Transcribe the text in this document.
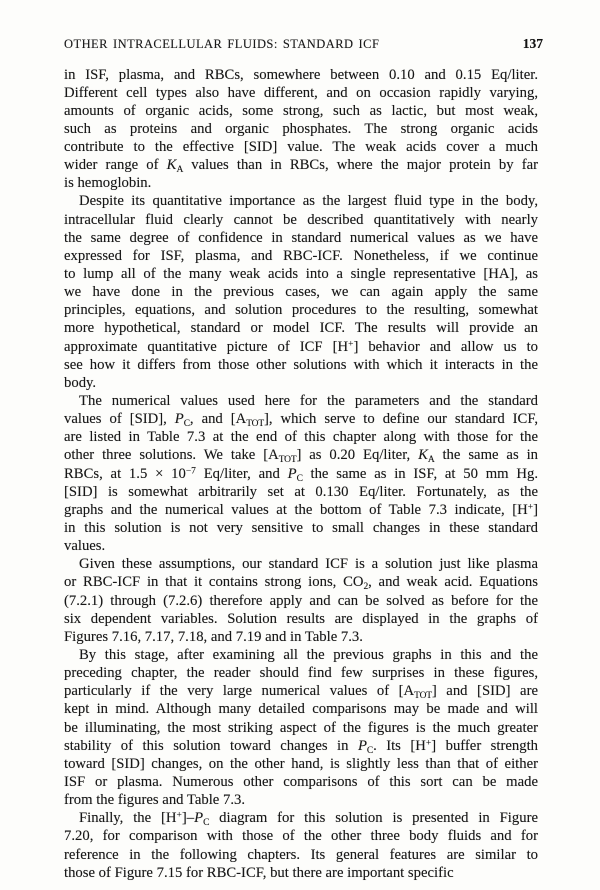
OTHER INTRACELLULAR FLUIDS: STANDARD ICF	137
in ISF, plasma, and RBCs, somewhere between 0.10 and 0.15 Eq/liter.
Different cell types also have different, and on occasion rapidly varying,
amounts of organic acids, some strong, such as lactic, but most weak,
such as proteins and organic phosphates. The strong organic acids
contribute to the effective [SID] value. The weak acids cover a much
wider range of $K_A$ values than in RBCs, where the major protein by far
is hemoglobin.
Despite its quantitative importance as the largest fluid type in the body,
intracellular fluid clearly cannot be described quantitatively with nearly
the same degree of confidence in standard numerical values as we have
expressed for ISF, plasma, and RBC-ICF. Nonetheless, if we continue
to lump all of the many weak acids into a single representative [HA], as
we have done in the previous cases, we can again apply the same
principles, equations, and solution procedures to the resulting, somewhat
more hypothetical, standard or model ICF. The results will provide an
approximate quantitative picture of ICF [H+] behavior and allow us to
see how it differs from those other solutions with which it interacts in the
body.
The numerical values used here for the parameters and the standard
values of [SID], $P_C$, and $[A_{TOT}]$, which serve to define our standard ICF,
are listed in Table 7.3 at the end of this chapter along with those for the
other three solutions. We take $[A_{TOT}]$ as 0.20 Eq/liter, $K_A$ the same as in
RBCs, at $1.5 \times 10^{-7}$ Eq/liter, and $P_C$ the same as in ISF, at 50 mm Hg.
[SID] is somewhat arbitrarily set at 0.130 Eq/liter. Fortunately, as the
graphs and the numerical values at the bottom of Table 7.3 indicate, [H+]
in this solution is not very sensitive to small changes in these standard
values.
Given these assumptions, our standard ICF is a solution just like plasma
or RBC-ICF in that it contains strong ions, $CO_2$, and weak acid. Equations
(7.2.1) through (7.2.6) therefore apply and can be solved as before for the
six dependent variables. Solution results are displayed in the graphs of
Figures 7.16, 7.17, 7.18, and 7.19 and in Table 7.3.
By this stage, after examining all the previous graphs in this and the
preceding chapter, the reader should find few surprises in these figures,
particularly if the very large numerical values of $[A_{TOT}]$ and [SID] are
kept in mind. Although many detailed comparisons may be made and will
be illuminating, the most striking aspect of the figures is the much greater
stability of this solution toward changes in $P_C$. Its [H+] buffer strength
toward [SID] changes, on the other hand, is slightly less than that of either
ISF or plasma. Numerous other comparisons of this sort can be made
from the figures and Table 7.3.
Finally, the $[H^+]-P_C$ diagram for this solution is presented in Figure
7.20, for comparison with those of the other three body fluids and for
reference in the following chapters. Its general features are similar to
those of Figure 7.15 for RBC-ICF, but there are important specific
